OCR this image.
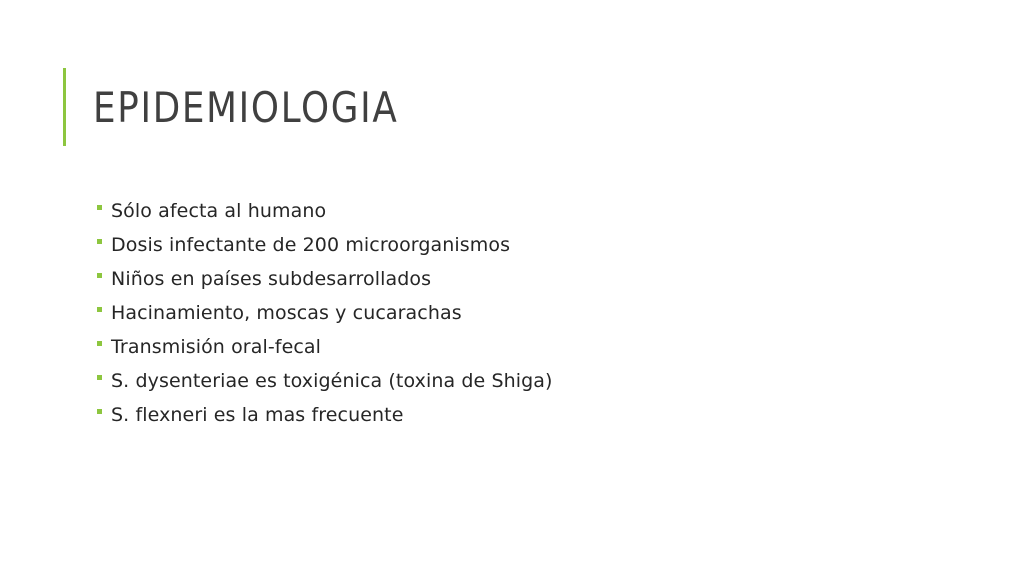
EPIDEMIOLOGIA
Sólo afecta al humano
Dosis infectante de 200 microorganismos
Niños en países subdesarrollados
Hacinamiento, moscas y cucarachas
Transmisión oral-fecal
S. dysenteriae es toxigénica (toxina de Shiga)
S. flexneri es la mas frecuente
